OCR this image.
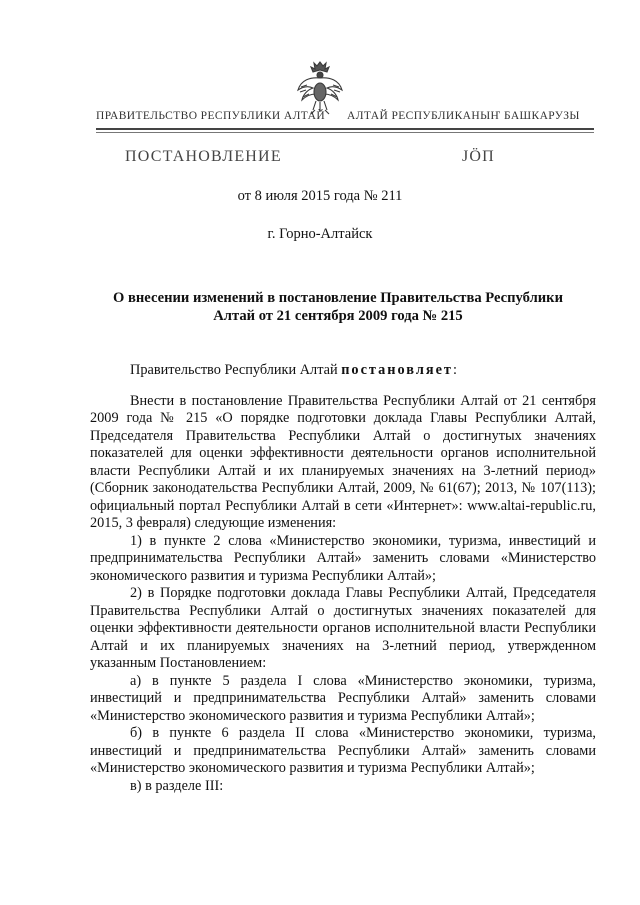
ПРАВИТЕЛЬСТВО РЕСПУБЛИКИ АЛТАЙ АЛТАЙ РЕСПУБЛИКАНЫҤ БАШКАРУЗЫ
ПОСТАНОВЛЕНИЕ	ЈӦП
от 8 июля 2015 года № 211
г. Горно-Алтайск
О внесении изменений в постановление Правительства Республики
Алтай от 21 сентября 2009 года № 215

Правительство Республики Алтай постановляет:

Внести в постановление Правительства Республики Алтай от 21 сентября 2009 года № 215 «О порядке подготовки доклада Главы Республики Алтай, Председателя Правительства Республики Алтай о достигнутых значениях показателей для оценки эффективности деятельности органов исполнительной власти Республики Алтай и их планируемых значениях на 3-летний период» (Сборник законодательства Республики Алтай, 2009, № 61(67); 2013, № 107(113); официальный портал Республики Алтай в сети «Интернет»: www.altai-republic.ru, 2015, 3 февраля) следующие изменения:

1) в пункте 2 слова «Министерство экономики, туризма, инвестиций и предпринимательства Республики Алтай» заменить словами «Министерство экономического развития и туризма Республики Алтай»;

2) в Порядке подготовки доклада Главы Республики Алтай, Председателя Правительства Республики Алтай о достигнутых значениях показателей для оценки эффективности деятельности органов исполнительной власти Республики Алтай и их планируемых значениях на 3-летний период, утвержденном указанным Постановлением:

а) в пункте 5 раздела I слова «Министерство экономики, туризма, инвестиций и предпринимательства Республики Алтай» заменить словами «Министерство экономического развития и туризма Республики Алтай»;

б) в пункте 6 раздела II слова «Министерство экономики, туризма, инвестиций и предпринимательства Республики Алтай» заменить словами «Министерство экономического развития и туризма Республики Алтай»;

в) в разделе III:
